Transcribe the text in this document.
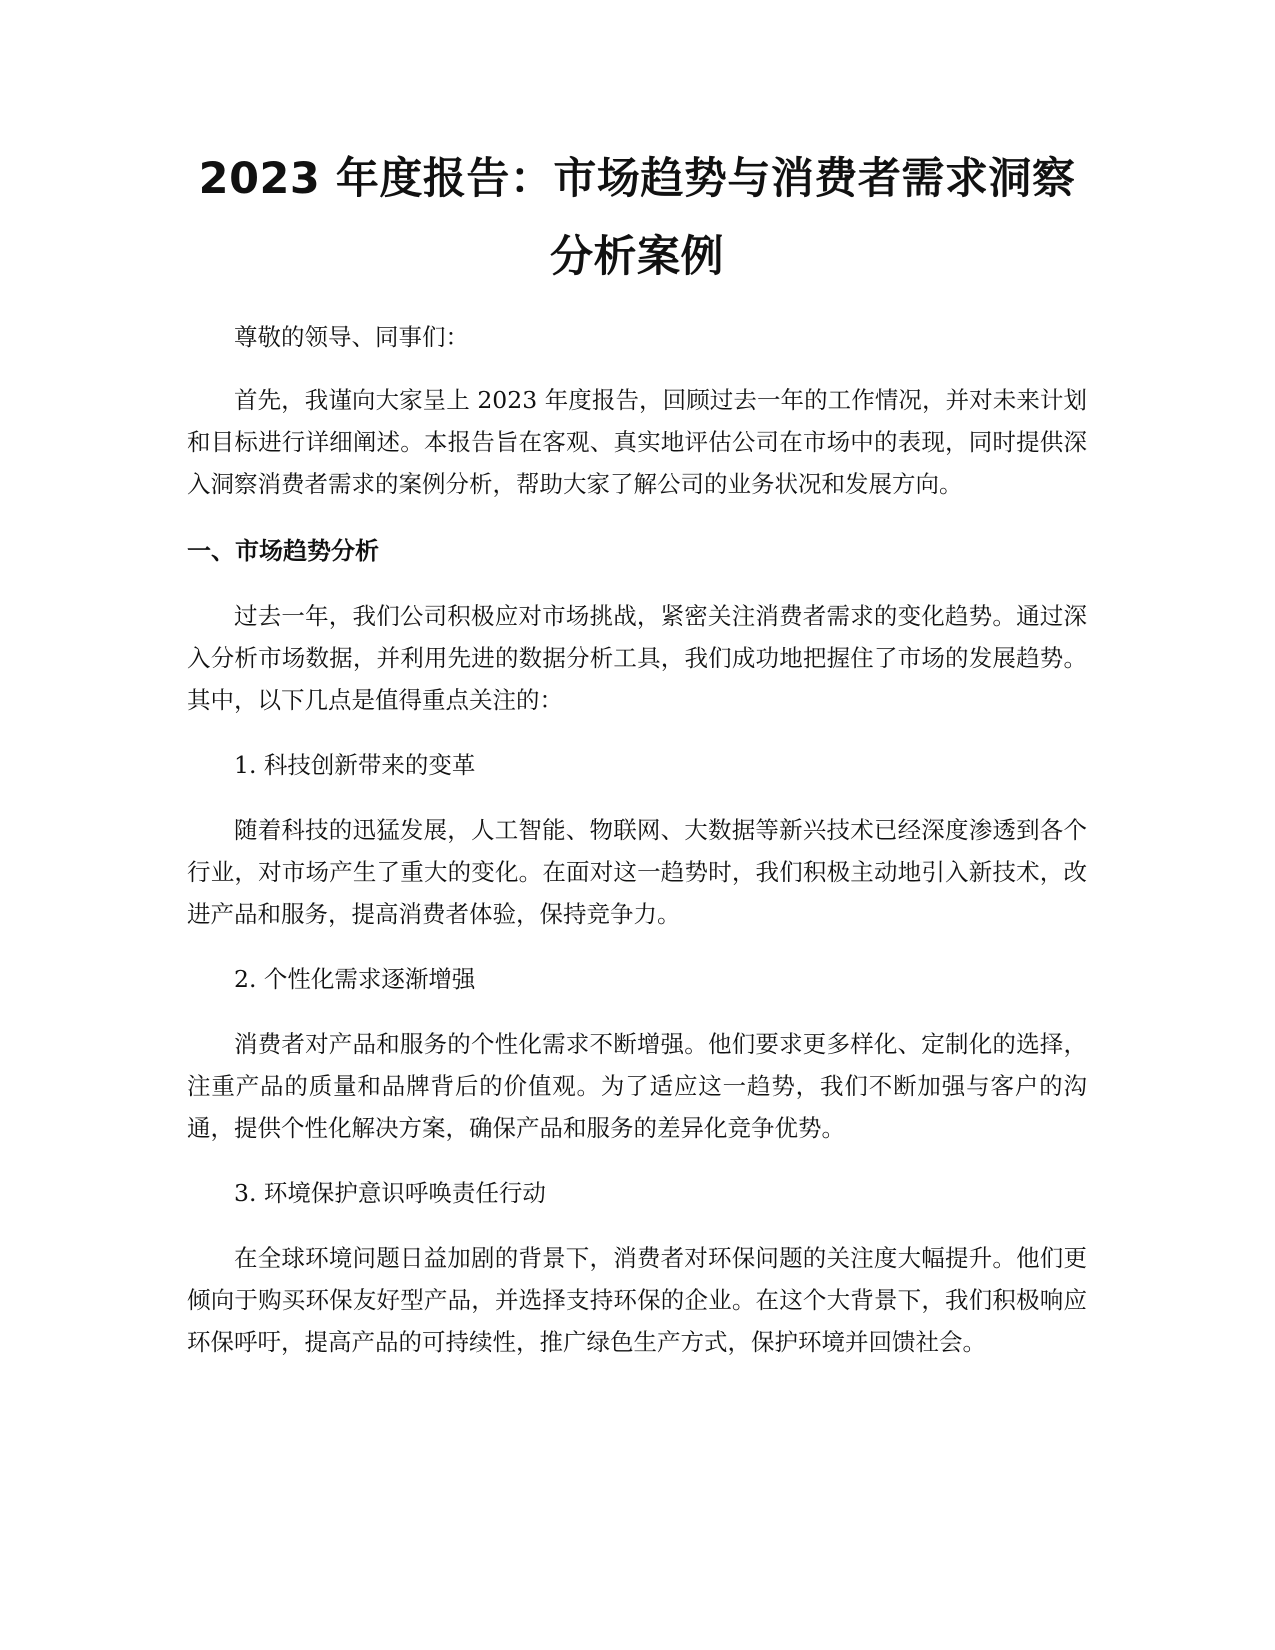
2023 年度报告：市场趋势与消费者需求洞察
分析案例

尊敬的领导、同事们：

首先，我谨向大家呈上 2023 年度报告，回顾过去一年的工作情况，并对未来计划和目标进行详细阐述。本报告旨在客观、真实地评估公司在市场中的表现，同时提供深入洞察消费者需求的案例分析，帮助大家了解公司的业务状况和发展方向。

一、市场趋势分析

过去一年，我们公司积极应对市场挑战，紧密关注消费者需求的变化趋势。通过深入分析市场数据，并利用先进的数据分析工具，我们成功地把握住了市场的发展趋势。其中，以下几点是值得重点关注的：

1. 科技创新带来的变革

随着科技的迅猛发展，人工智能、物联网、大数据等新兴技术已经深度渗透到各个行业，对市场产生了重大的变化。在面对这一趋势时，我们积极主动地引入新技术，改进产品和服务，提高消费者体验，保持竞争力。

2. 个性化需求逐渐增强

消费者对产品和服务的个性化需求不断增强。他们要求更多样化、定制化的选择，注重产品的质量和品牌背后的价值观。为了适应这一趋势，我们不断加强与客户的沟通，提供个性化解决方案，确保产品和服务的差异化竞争优势。

3. 环境保护意识呼唤责任行动

在全球环境问题日益加剧的背景下，消费者对环保问题的关注度大幅提升。他们更倾向于购买环保友好型产品，并选择支持环保的企业。在这个大背景下，我们积极响应环保呼吁，提高产品的可持续性，推广绿色生产方式，保护环境并回馈社会。
